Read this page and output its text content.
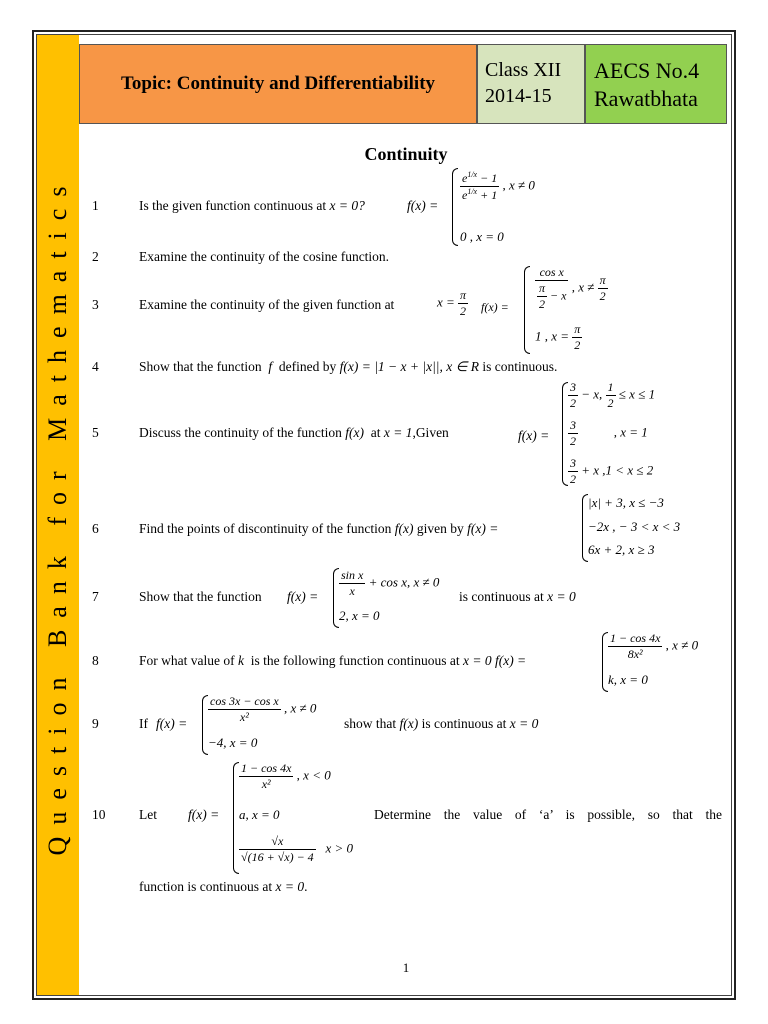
Question Bank for Mathematics
Topic: Continuity and Differentiability
Class XII
2014-15
AECS No.4
Rawatbhata
Continuity
1	Is the given function continuous at x = 0?	f(x) =
$\frac{e^{1/x} - 1}{e^{1/x} + 1}$ , x ≠ 0
0 , x = 0
2	Examine the continuity of the cosine function.
3	Examine the continuity of the given function at	$x = \frac{\pi}{2} f(x) = \frac{\text{cos x}}{\frac{\pi}{2} - x}$ , $x \ne \frac{\pi}{2}$
1 , $x = \frac{\pi}{2}$
4	Show that the function f defined by f(x) = |1 − x + |x||, x ∈ R is continuous.
5	Discuss the continuity of the function f(x) at x = 1,Given	f(x) =
$\frac{3}{2} - x$, $\frac{1}{2} \le x \le 1$
$\frac{3}{2}$	, x = 1
$\frac{3}{2} + x$ ,1 < x ≤ 2
6	Find the points of discontinuity of the function f(x) given by f(x) =
|x| + 3, x ≤ −3
−2x , − 3 < x < 3
6x + 2, x ≥ 3
7	Show that the function $f(x) = \frac{\text{sin x}}{x} + \cos x$, x ≠ 0
2, x = 0
is continuous at x = 0
8	For what value of k is the following function continuous at x = 0 f(x) =	$\frac{1 - \cos 4x}{\text{8x²}}$ , x ≠ 0
k, x = 0
9	If $f(x) = \frac{\text{cos 3x − cos x}}{\text{x²}}$ , x ≠ 0
−4, x = 0
show that f(x) is continuous at x = 0
10 Let f(x) =
$\frac{1 - \cos 4x}{\text{x²}}$ , x < 0
a, x = 0
$\frac{√x}{√(16 + √x) - 4}$ x > 0
Determine the value of ‘a’ is possible, so that the
function is continuous at x = 0.
1
